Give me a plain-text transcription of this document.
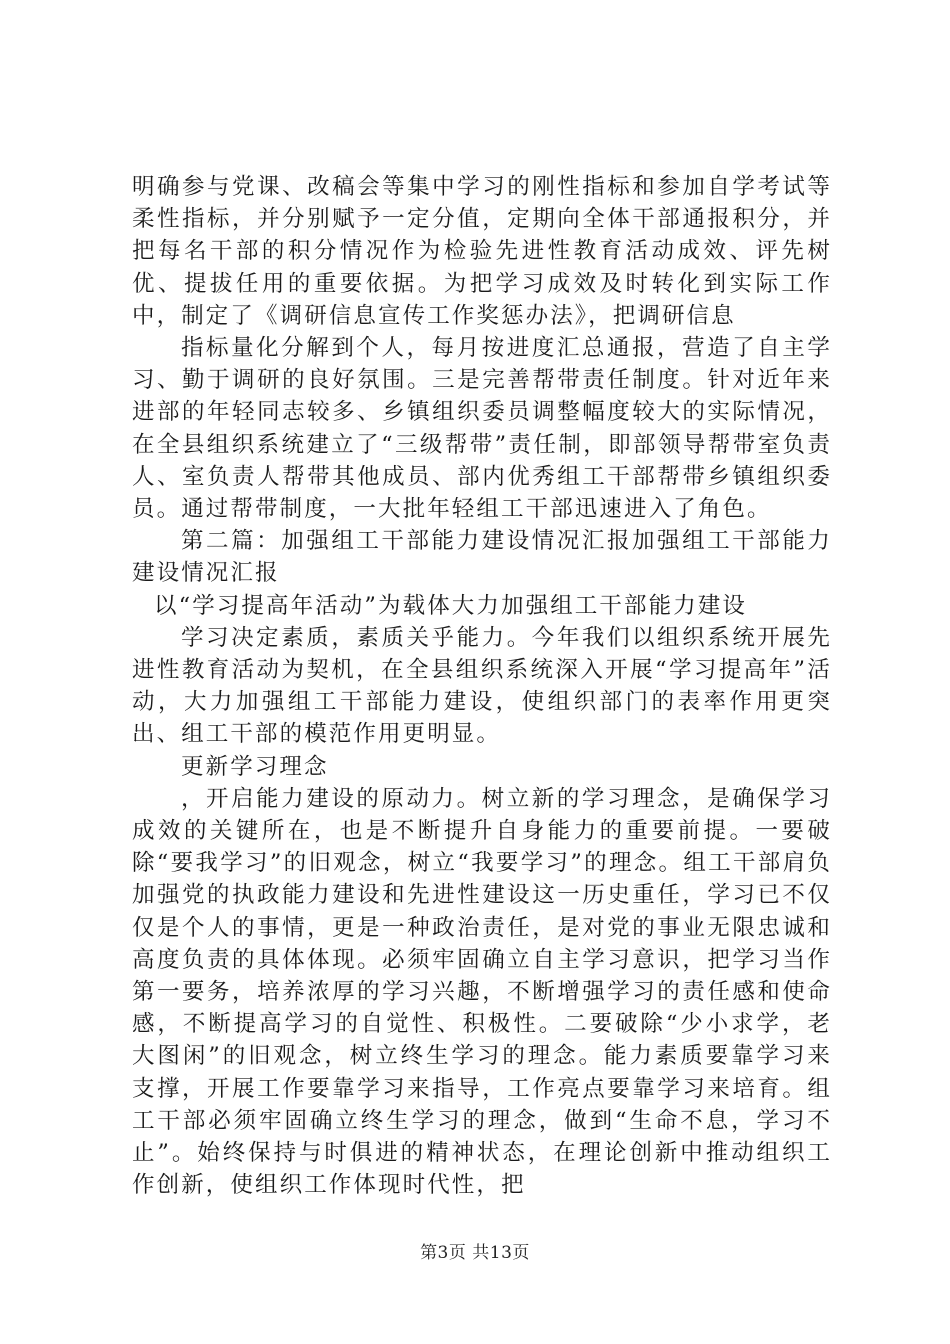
明确参与党课、改稿会等集中学习的刚性指标和参加自学考试等柔性指标，并分别赋予一定分值，定期向全体干部通报积分，并把每名干部的积分情况作为检验先进性教育活动成效、评先树优、提拔任用的重要依据。为把学习成效及时转化到实际工作中，制定了《调研信息宣传工作奖惩办法》，把调研信息

指标量化分解到个人，每月按进度汇总通报，营造了自主学习、勤于调研的良好氛围。三是完善帮带责任制度。针对近年来进部的年轻同志较多、乡镇组织委员调整幅度较大的实际情况，在全县组织系统建立了“三级帮带”责任制，即部领导帮带室负责人、室负责人帮带其他成员、部内优秀组工干部帮带乡镇组织委员。通过帮带制度，一大批年轻组工干部迅速进入了角色。

第二篇：加强组工干部能力建设情况汇报加强组工干部能力建设情况汇报

以“学习提高年活动”为载体大力加强组工干部能力建设

学习决定素质，素质关乎能力。今年我们以组织系统开展先进性教育活动为契机，在全县组织系统深入开展“学习提高年”活动，大力加强组工干部能力建设，使组织部门的表率作用更突出、组工干部的模范作用更明显。

更新学习理念

，开启能力建设的原动力。树立新的学习理念，是确保学习成效的关键所在，也是不断提升自身能力的重要前提。一要破除“要我学习”的旧观念，树立“我要学习”的理念。组工干部肩负加强党的执政能力建设和先进性建设这一历史重任，学习已不仅仅是个人的事情，更是一种政治责任，是对党的事业无限忠诚和高度负责的具体体现。必须牢固确立自主学习意识，把学习当作第一要务，培养浓厚的学习兴趣，不断增强学习的责任感和使命感，不断提高学习的自觉性、积极性。二要破除“少小求学，老大图闲”的旧观念，树立终生学习的理念。能力素质要靠学习来支撑，开展工作要靠学习来指导，工作亮点要靠学习来培育。组工干部必须牢固确立终生学习的理念，做到“生命不息，学习不止”。始终保持与时俱进的精神状态，在理论创新中推动组织工作创新，使组织工作体现时代性，把

第3页 共13页
